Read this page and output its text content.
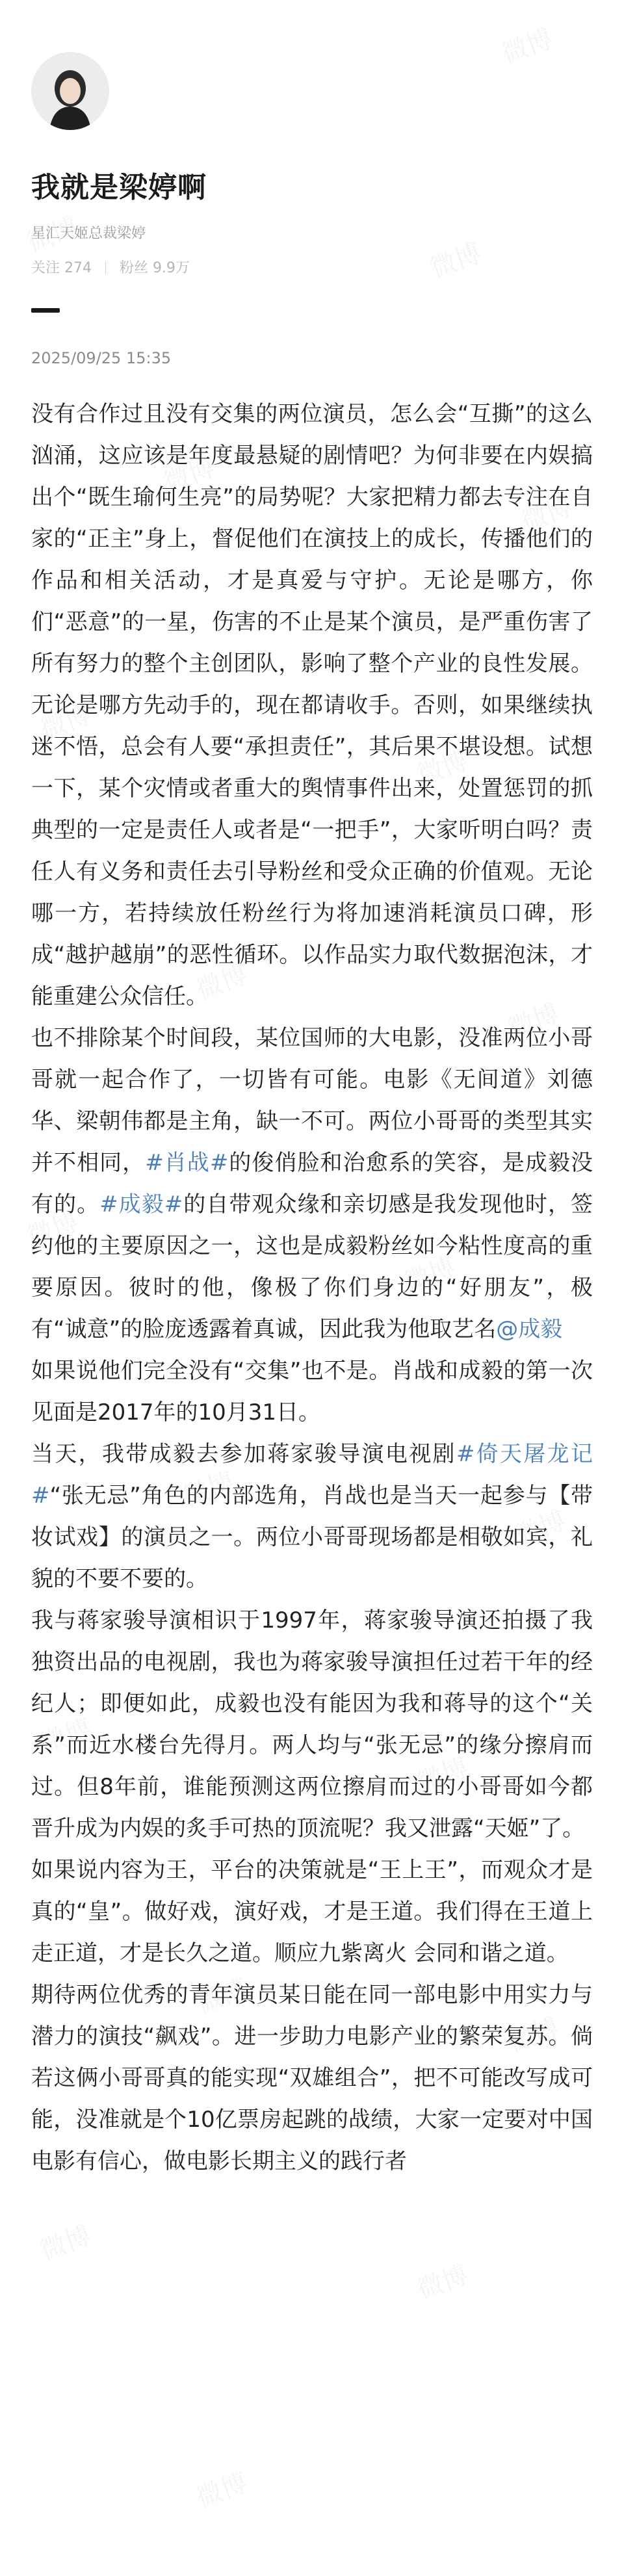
我就是梁婷啊
星汇天姬总裁梁婷
关注 274 粉丝 9.9万
2025/09/25 15:35

没有合作过且没有交集的两位演员，怎么会“互撕”的这么汹涌，这应该是年度最悬疑的剧情吧？为何非要在内娱搞出个“既生瑜何生亮”的局势呢？大家把精力都去专注在自家的“正主”身上，督促他们在演技上的成长，传播他们的作品和相关活动，才是真爱与守护。无论是哪方，你们“恶意”的一星，伤害的不止是某个演员，是严重伤害了所有努力的整个主创团队，影响了整个产业的良性发展。无论是哪方先动手的，现在都请收手。否则，如果继续执迷不悟，总会有人要“承担责任”，其后果不堪设想。试想一下，某个灾情或者重大的舆情事件出来，处置惩罚的抓典型的一定是责任人或者是“一把手”，大家听明白吗？责任人有义务和责任去引导粉丝和受众正确的价值观。无论哪一方，若持续放任粉丝行为将加速消耗演员口碑，形成“越护越崩”的恶性循环。以作品实力取代数据泡沫，才能重建公众信任。

也不排除某个时间段，某位国师的大电影，没准两位小哥哥就一起合作了，一切皆有可能。电影《无间道》刘德华、梁朝伟都是主角，缺一不可。两位小哥哥的类型其实并不相同，#肖战#的俊俏脸和治愈系的笑容，是成毅没有的。#成毅#的自带观众缘和亲切感是我发现他时，签约他的主要原因之一，这也是成毅粉丝如今粘性度高的重要原因。彼时的他，像极了你们身边的“好朋友”，极有“诚意”的脸庞透露着真诚，因此我为他取艺名@成毅

如果说他们完全没有“交集”也不是。肖战和成毅的第一次见面是2017年的10月31日。

当天，我带成毅去参加蒋家骏导演电视剧#倚天屠龙记#“张无忌”角色的内部选角，肖战也是当天一起参与【带妆试戏】的演员之一。两位小哥哥现场都是相敬如宾，礼貌的不要不要的。

我与蒋家骏导演相识于1997年，蒋家骏导演还拍摄了我独资出品的电视剧，我也为蒋家骏导演担任过若干年的经纪人；即便如此，成毅也没有能因为我和蒋导的这个“关系”而近水楼台先得月。两人均与“张无忌”的缘分擦肩而过。但8年前，谁能预测这两位擦肩而过的小哥哥如今都晋升成为内娱的炙手可热的顶流呢？我又泄露“天姬”了。

如果说内容为王，平台的决策就是“王上王”，而观众才是真的“皇”。做好戏，演好戏，才是王道。我们得在王道上走正道，才是长久之道。顺应九紫离火 会同和谐之道。

期待两位优秀的青年演员某日能在同一部电影中用实力与潜力的演技“飙戏”。进一步助力电影产业的繁荣复苏。倘若这俩小哥哥真的能实现“双雄组合”，把不可能改写成可能，没准就是个10亿票房起跳的战绩，大家一定要对中国电影有信心，做电影长期主义的践行者
